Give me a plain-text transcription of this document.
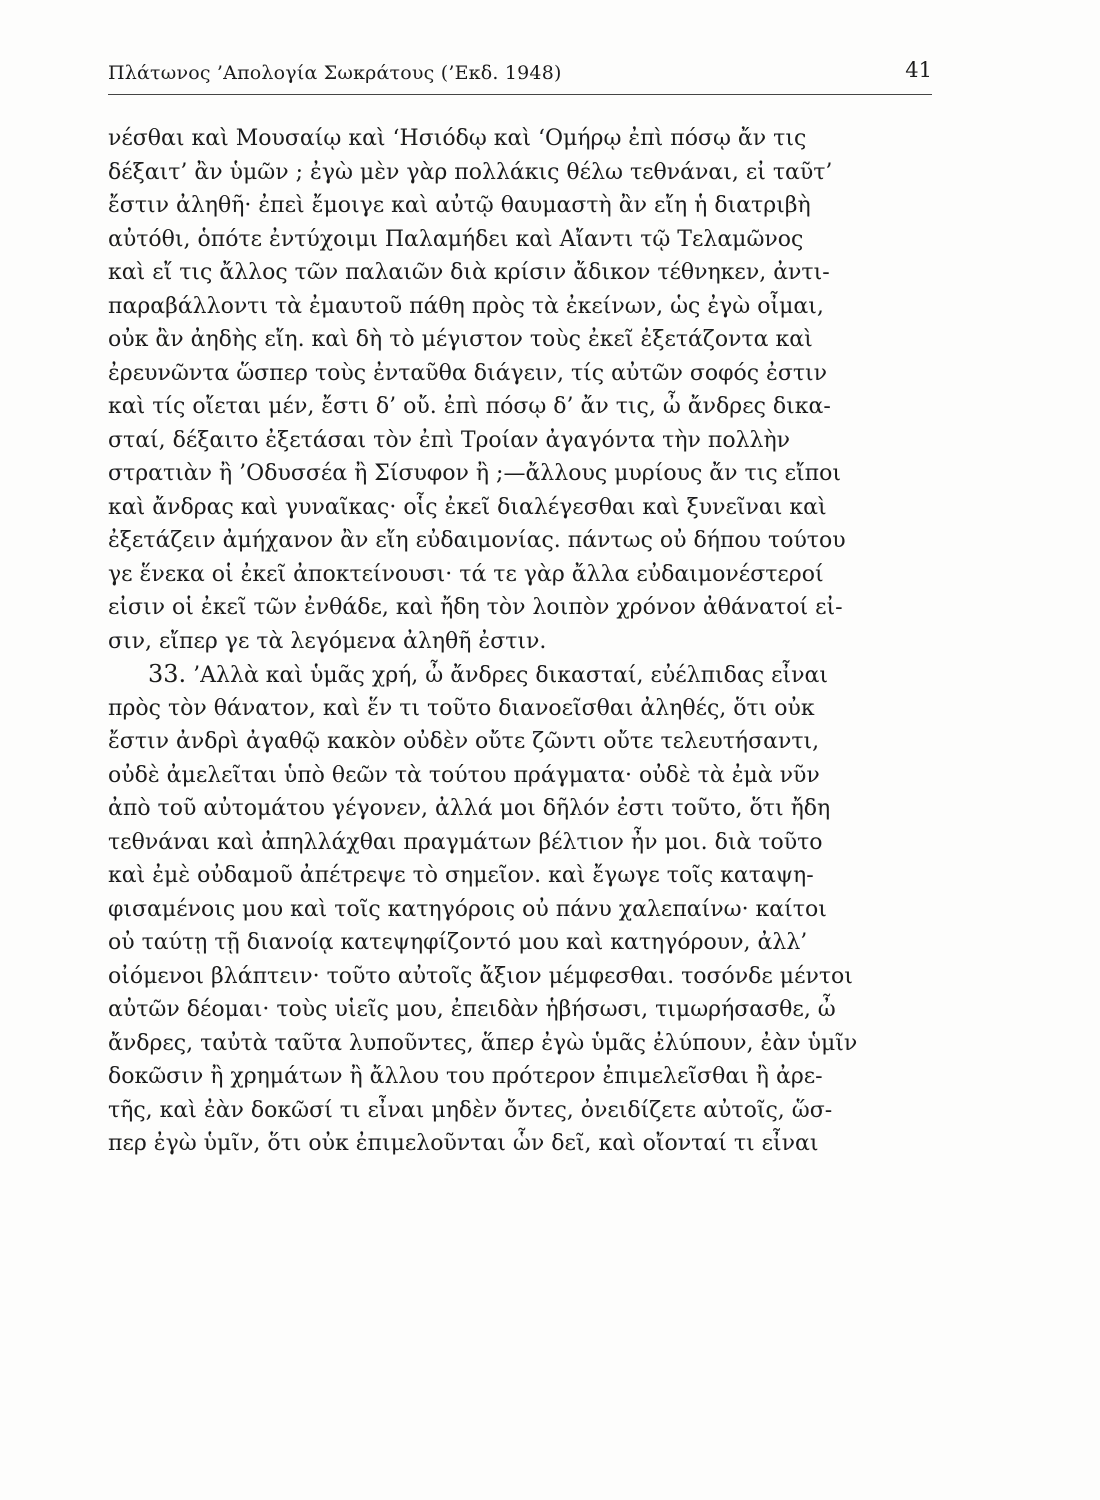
Πλάτωνος ’Απολογία Σωκράτους (’Εκδ. 1948)	41
νέσθαι καὶ Μουσαίῳ καὶ ‘Ησιόδῳ καὶ ‘Ομήρῳ ἐπὶ πόσῳ ἄν τις
δέξαιτ’ ἂν ὑμῶν ; ἐγὼ μὲν γὰρ πολλάκις θέλω τεθνάναι, εἰ ταῦτ’
ἔστιν ἀληθῆ· ἐπεὶ ἔμοιγε καὶ αὐτῷ θαυμαστὴ ἂν εἴη ἡ διατριβὴ
αὐτόθι, ὁπότε ἐντύχοιμι Παλαμήδει καὶ Αἴαντι τῷ Τελαμῶνος
καὶ εἴ τις ἄλλος τῶν παλαιῶν διὰ κρίσιν ἄδικον τέθνηκεν, ἀντι-
παραβάλλοντι τὰ ἐμαυτοῦ πάθη πρὸς τὰ ἐκείνων, ὡς ἐγὼ οἶμαι,
οὐκ ἂν ἀηδὴς εἴη. καὶ δὴ τὸ μέγιστον τοὺς ἐκεῖ ἐξετάζοντα καὶ
ἐρευνῶντα ὥσπερ τοὺς ἐνταῦθα διάγειν, τίς αὐτῶν σοφός ἐστιν
καὶ τίς οἴεται μέν, ἔστι δ’ οὔ. ἐπὶ πόσῳ δ’ ἄν τις, ὦ ἄνδρες δικα-
σταί, δέξαιτο ἐξετάσαι τὸν ἐπὶ Τροίαν ἀγαγόντα τὴν πολλὴν
στρατιὰν ἢ ’Οδυσσέα ἢ Σίσυφον ἢ ;—ἄλλους μυρίους ἄν τις εἴποι
καὶ ἄνδρας καὶ γυναῖκας· οἷς ἐκεῖ διαλέγεσθαι καὶ ξυνεῖναι καὶ
ἐξετάζειν ἀμήχανον ἂν εἴη εὐδαιμονίας. πάντως οὐ δήπου τούτου
γε ἕνεκα οἱ ἐκεῖ ἀποκτείνουσι· τά τε γὰρ ἄλλα εὐδαιμονέστεροί
εἰσιν οἱ ἐκεῖ τῶν ἐνθάδε, καὶ ἤδη τὸν λοιπὸν χρόνον ἀθάνατοί εἰ-
σιν, εἴπερ γε τὰ λεγόμενα ἀληθῆ ἐστιν.
33. ’Αλλὰ καὶ ὑμᾶς χρή, ὦ ἄνδρες δικασταί, εὐέλπιδας εἶναι
πρὸς τὸν θάνατον, καὶ ἕν τι τοῦτο διανοεῖσθαι ἀληθές, ὅτι οὐκ
ἔστιν ἀνδρὶ ἀγαθῷ κακὸν οὐδὲν οὔτε ζῶντι οὔτε τελευτήσαντι,
οὐδὲ ἀμελεῖται ὑπὸ θεῶν τὰ τούτου πράγματα· οὐδὲ τὰ ἐμὰ νῦν
ἀπὸ τοῦ αὐτομάτου γέγονεν, ἀλλά μοι δῆλόν ἐστι τοῦτο, ὅτι ἤδη
τεθνάναι καὶ ἀπηλλάχθαι πραγμάτων βέλτιον ἦν μοι. διὰ τοῦτο
καὶ ἐμὲ οὐδαμοῦ ἀπέτρεψε τὸ σημεῖον. καὶ ἔγωγε τοῖς καταψη-
φισαμένοις μου καὶ τοῖς κατηγόροις οὐ πάνυ χαλεπαίνω· καίτοι
οὐ ταύτῃ τῇ διανοίᾳ κατεψηφίζοντό μου καὶ κατηγόρουν, ἀλλ’
οἰόμενοι βλάπτειν· τοῦτο αὐτοῖς ἄξιον μέμφεσθαι. τοσόνδε μέντοι
αὐτῶν δέομαι· τοὺς υἱεῖς μου, ἐπειδὰν ἡβήσωσι, τιμωρήσασθε, ὦ
ἄνδρες, ταὐτὰ ταῦτα λυποῦντες, ἅπερ ἐγὼ ὑμᾶς ἐλύπουν, ἐὰν ὑμῖν
δοκῶσιν ἢ χρημάτων ἢ ἄλλου του πρότερον ἐπιμελεῖσθαι ἢ ἀρε-
τῆς, καὶ ἐὰν δοκῶσί τι εἶναι μηδὲν ὄντες, ὀνειδίζετε αὐτοῖς, ὥσ-
περ ἐγὼ ὑμῖν, ὅτι οὐκ ἐπιμελοῦνται ὧν δεῖ, καὶ οἴονταί τι εἶναι
